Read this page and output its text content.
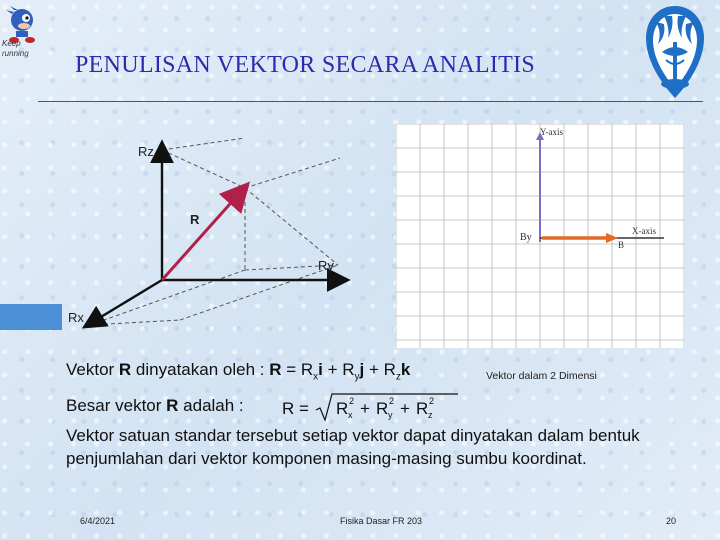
Keep running	PENULISAN VEKTOR SECARA ANALITIS
Rz
R
Ry
Rx
Y-axis
X-axis
By
B
Vektor R dinyatakan oleh : $R = R_xi + R_yj + R_zk$	Vektor dalam 2 Dimensi
Besar vektor R adalah : R = R x
2 + R y
2 + R z
2
Vektor satuan standar tersebut setiap vektor dapat dinyatakan dalam bentuk penjumlahan dari vektor komponen masing-masing sumbu koordinat.
6/4/2021	Fisika Dasar FR 203	20
